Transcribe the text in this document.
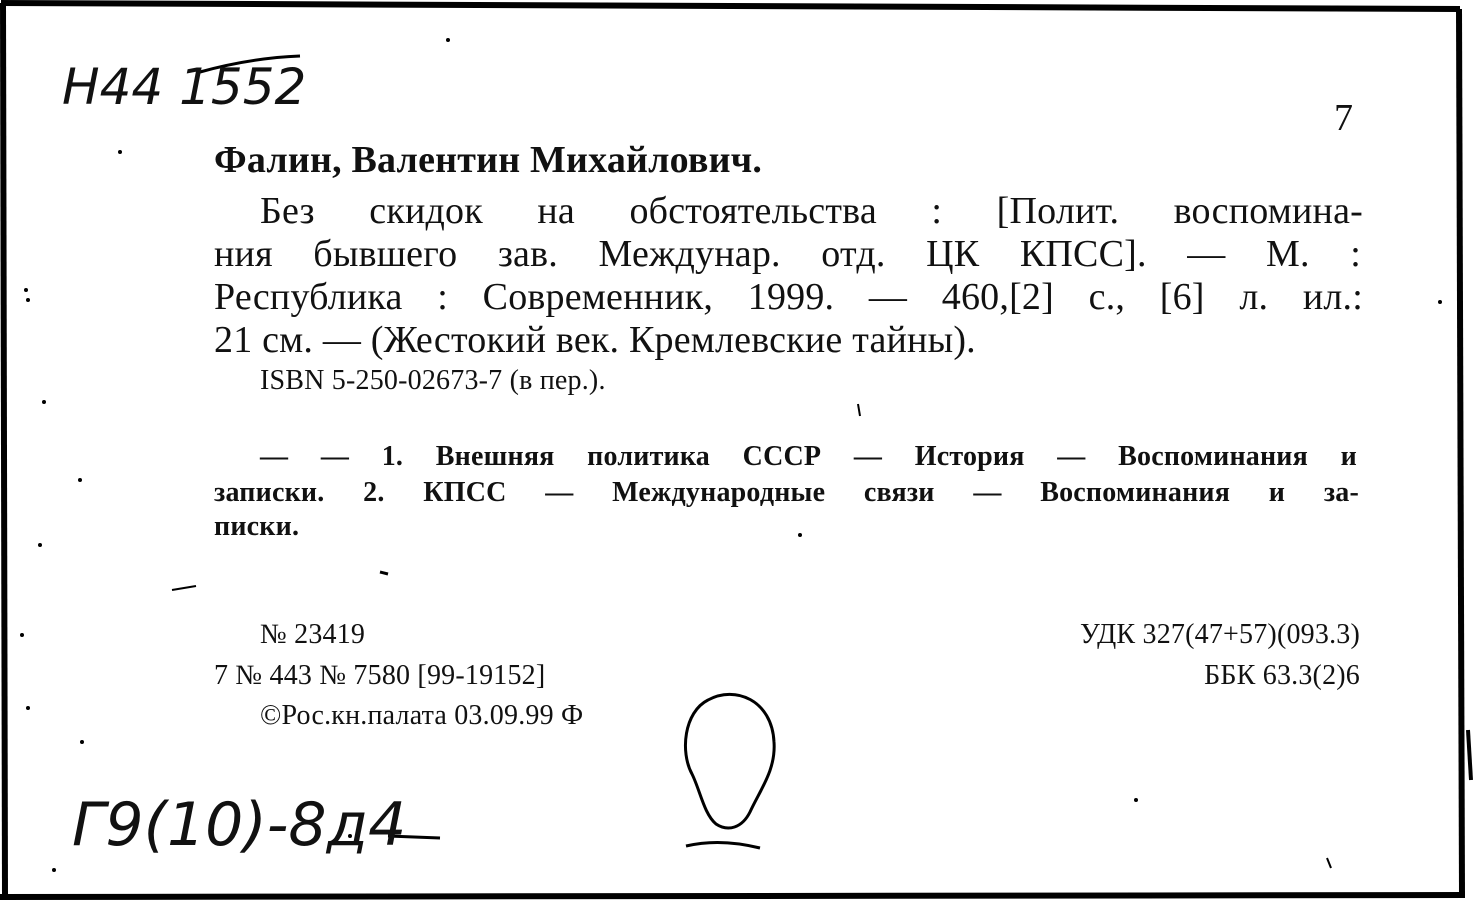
Н44 1552
7
Фалин, Валентин Михайлович.
Без скидок на обстоятельства : [Полит. воспомина-
ния бывшего зав. Междунар. отд. ЦК КПСС]. — М. :
Республика : Современник, 1999. — 460,[2] с., [6] л. ил.:
21 см. — (Жестокий век. Кремлевские тайны).
ISBN 5-250-02673-7 (в пер.).
— — 1. Внешняя политика СССР — История — Воспоминания и
записки. 2. КПСС — Международные связи — Воспоминания и за-
писки.
№ 23419
7 № 443 № 7580 [99-19152]
©Рос.кн.палата 03.09.99 Ф
УДК 327(47+57)(093.3)
ББК 63.3(2)6
Г9(10)-8д4
